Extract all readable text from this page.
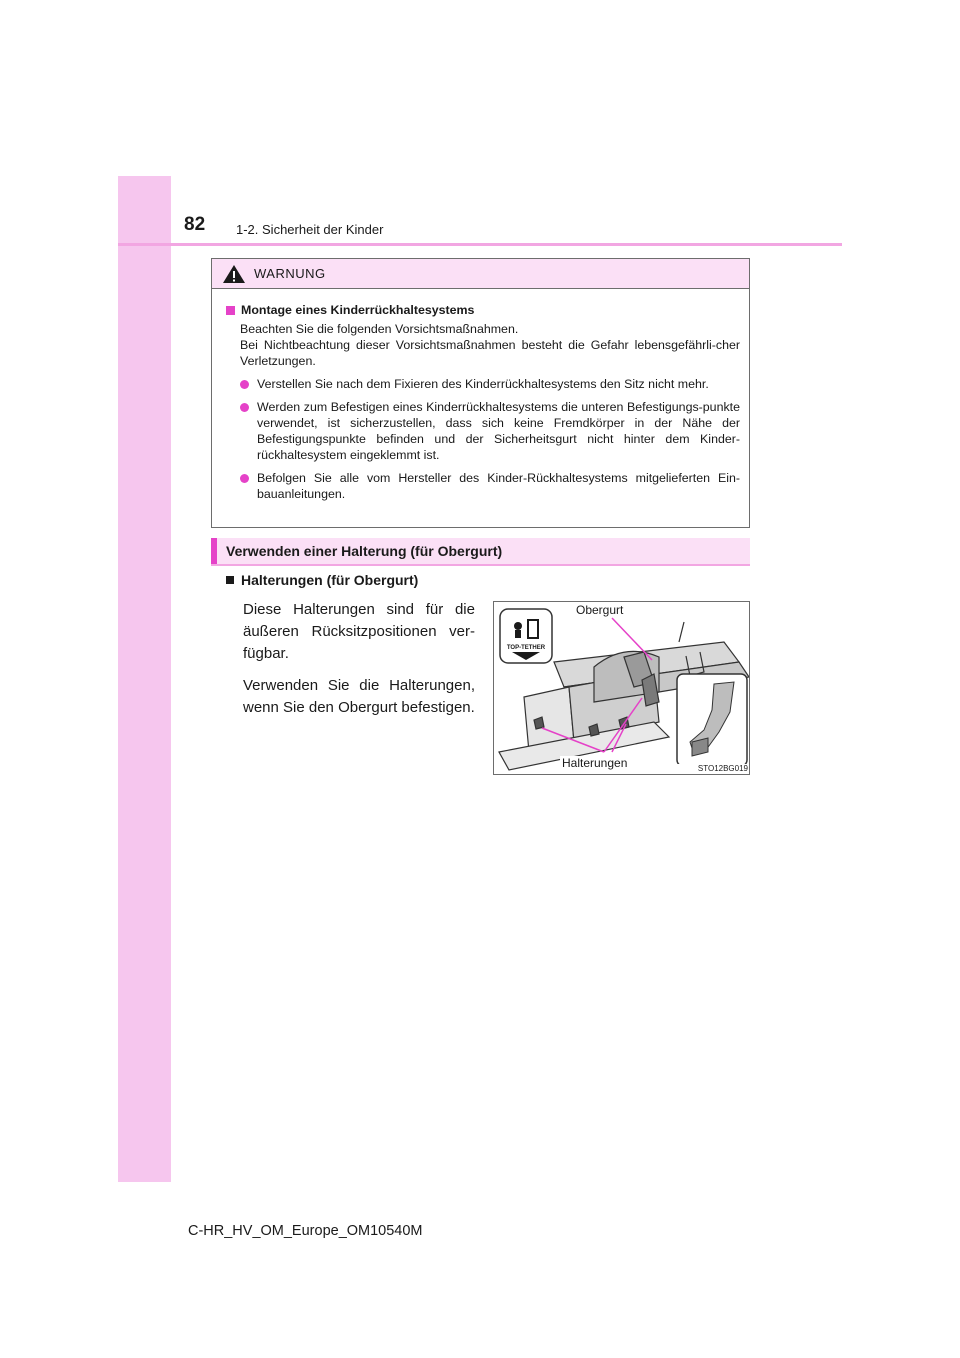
82 1-2. Sicherheit der Kinder
WARNUNG
Montage eines Kinderrückhaltesystems
Beachten Sie die folgenden Vorsichtsmaßnahmen.
Bei Nichtbeachtung dieser Vorsichtsmaßnahmen besteht die Gefahr lebensgefährli-cher Verletzungen.
Verstellen Sie nach dem Fixieren des Kinderrückhaltesystems den Sitz nicht mehr.
Werden zum Befestigen eines Kinderrückhaltesystems die unteren Befestigungs-punkte verwendet, ist sicherzustellen, dass sich keine Fremdkörper in der Nähe der Befestigungspunkte befinden und der Sicherheitsgurt nicht hinter dem Kinder-rückhaltesystem eingeklemmt ist.
Befolgen Sie alle vom Hersteller des Kinder-Rückhaltesystems mitgelieferten Ein-bauanleitungen.
Verwenden einer Halterung (für Obergurt)
Halterungen (für Obergurt)

Diese Halterungen sind für die äußeren Rücksitzpositionen ver-fügbar.

Verwenden Sie die Halterungen, wenn Sie den Obergurt befestigen.

TOP-TETHER
Obergurt
Halterungen	STO12BG019
C-HR_HV_OM_Europe_OM10540M
